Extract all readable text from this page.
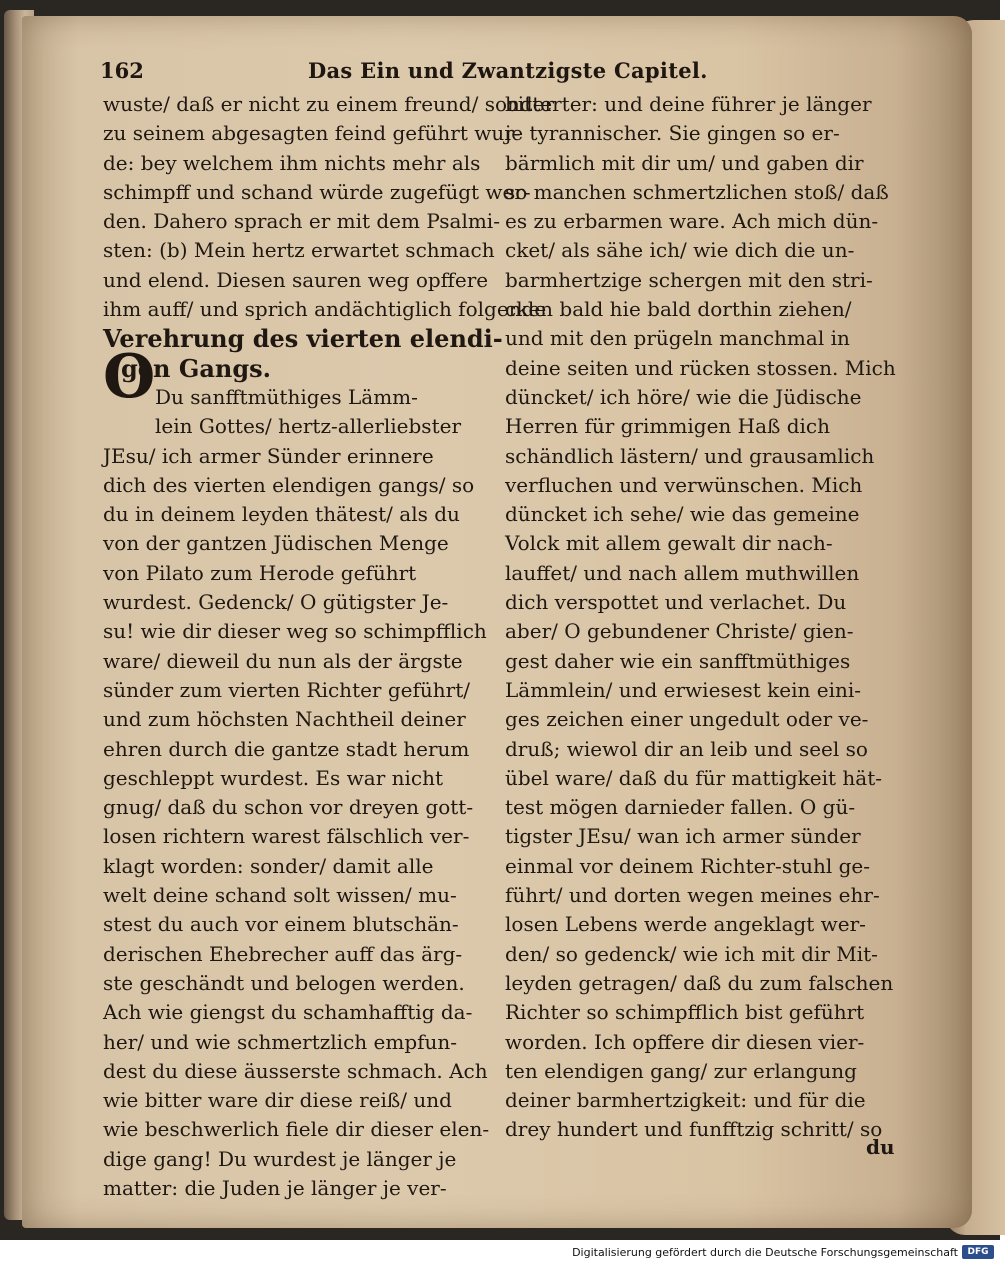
162	Das Ein und Zwantzigste Capitel.
O
wuste/ daß er nicht zu einem freund/ sonder
zu seinem abgesagten feind geführt wur-
de: bey welchem ihm nichts mehr als
schimpff und schand würde zugefügt wer-
den. Dahero sprach er mit dem Psalmi-
sten: (b) Mein hertz erwartet schmach
und elend. Diesen sauren weg opffere
ihm auff/ und sprich andächtiglich folgende
Verehrung des vierten elendi-
gen Gangs.
Du sanfftmüthiges Lämm-
lein Gottes/ hertz-allerliebster
JEsu/ ich armer Sünder erinnere
dich des vierten elendigen gangs/ so
du in deinem leyden thätest/ als du
von der gantzen Jüdischen Menge
von Pilato zum Herode geführt
wurdest. Gedenck/ O gütigster Je-
su! wie dir dieser weg so schimpfflich
ware/ dieweil du nun als der ärgste
sünder zum vierten Richter geführt/
und zum höchsten Nachtheil deiner
ehren durch die gantze stadt herum
geschleppt wurdest. Es war nicht
gnug/ daß du schon vor dreyen gott-
losen richtern warest fälschlich ver-
klagt worden: sonder/ damit alle
welt deine schand solt wissen/ mu-
stest du auch vor einem blutschän-
derischen Ehebrecher auff das ärg-
ste geschändt und belogen werden.
Ach wie giengst du schamhafftig da-
her/ und wie schmertzlich empfun-
dest du diese äusserste schmach. Ach
wie bitter ware dir diese reiß/ und
wie beschwerlich fiele dir dieser elen-
dige gang! Du wurdest je länger je
matter: die Juden je länger je ver-
bitterter: und deine führer je länger
je tyrannischer. Sie gingen so er-
bärmlich mit dir um/ und gaben dir
so manchen schmertzlichen stoß/ daß
es zu erbarmen ware. Ach mich dün-
cket/ als sähe ich/ wie dich die un-
barmhertzige schergen mit den stri-
cken bald hie bald dorthin ziehen/
und mit den prügeln manchmal in
deine seiten und rücken stossen. Mich
düncket/ ich höre/ wie die Jüdische
Herren für grimmigen Haß dich
schändlich lästern/ und grausamlich
verfluchen und verwünschen. Mich
düncket ich sehe/ wie das gemeine
Volck mit allem gewalt dir nach-
lauffet/ und nach allem muthwillen
dich verspottet und verlachet. Du
aber/ O gebundener Christe/ gien-
gest daher wie ein sanfftmüthiges
Lämmlein/ und erwiesest kein eini-
ges zeichen einer ungedult oder ve-
druß; wiewol dir an leib und seel so
übel ware/ daß du für mattigkeit hät-
test mögen darnieder fallen. O gü-
tigster JEsu/ wan ich armer sünder
einmal vor deinem Richter-stuhl ge-
führt/ und dorten wegen meines ehr-
losen Lebens werde angeklagt wer-
den/ so gedenck/ wie ich mit dir Mit-
leyden getragen/ daß du zum falschen
Richter so schimpfflich bist geführt
worden. Ich opffere dir diesen vier-
ten elendigen gang/ zur erlangung
deiner barmhertzigkeit: und für die
drey hundert und funfftzig schritt/ so
du
Digitalisierung gefördert durch die Deutsche Forschungsgemeinschaft	DFG
